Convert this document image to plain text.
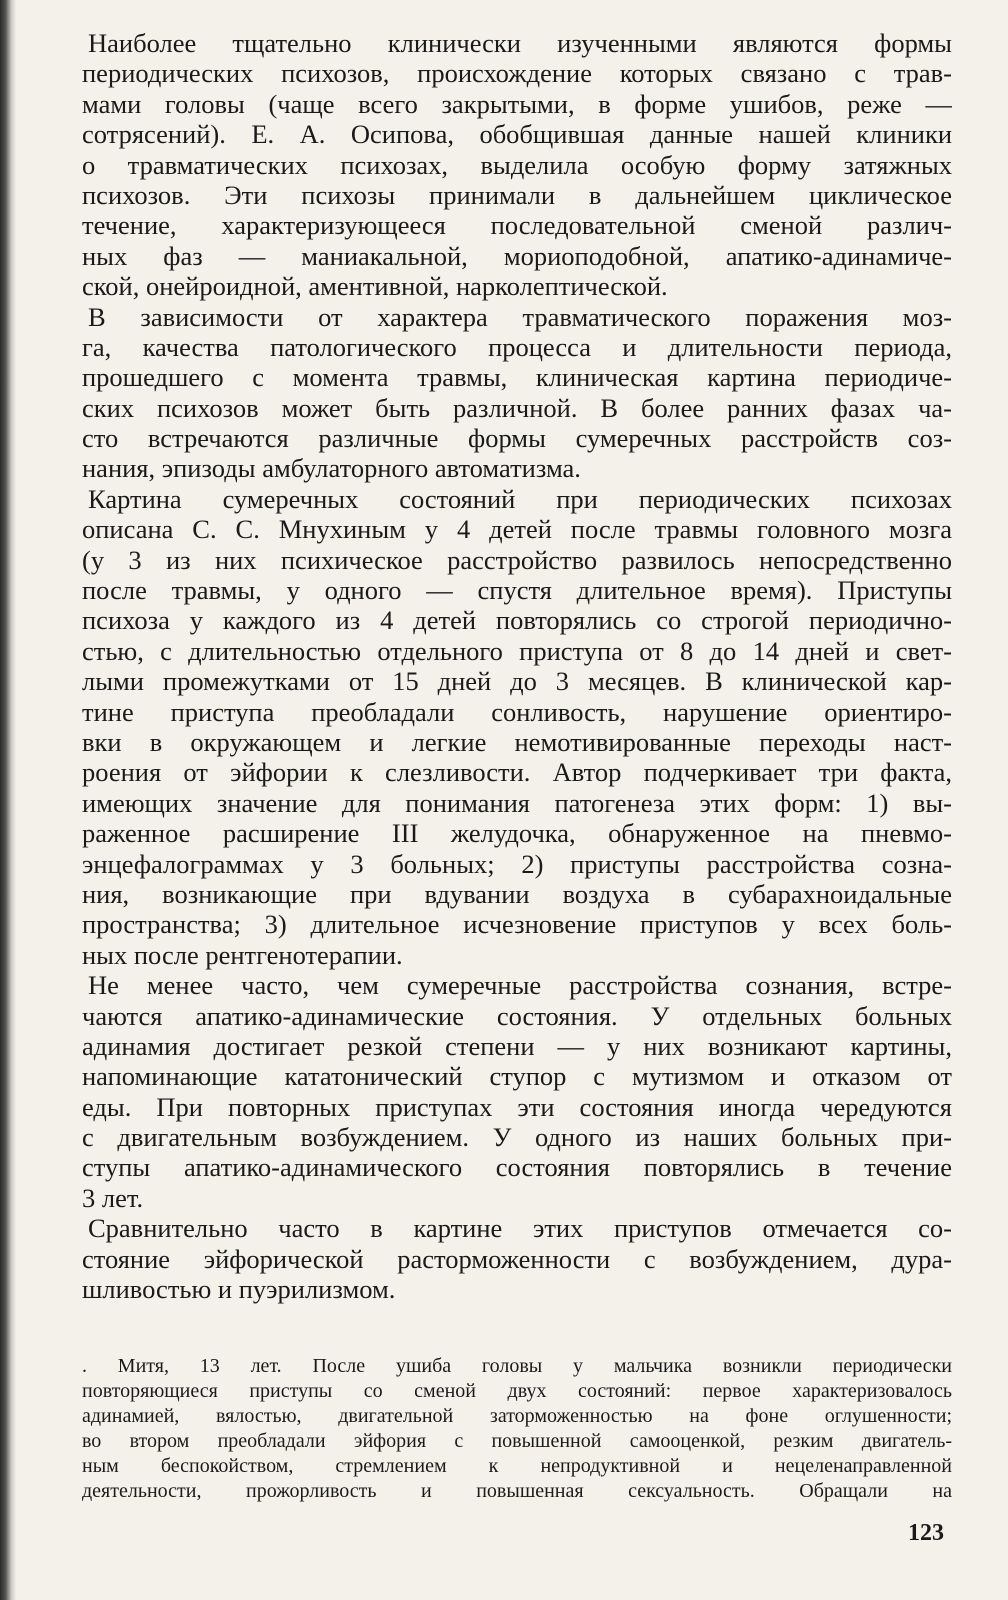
Наиболее тщательно клинически изученными являются формы
периодических психозов, происхождение которых связано с трав-
мами головы (чаще всего закрытыми, в форме ушибов, реже —
сотрясений). Е. А. Осипова, обобщившая данные нашей клиники
о травматических психозах, выделила особую форму затяжных
психозов. Эти психозы принимали в дальнейшем циклическое
течение, характеризующееся последовательной сменой различ-
ных фаз — маниакальной, мориоподобной, апатико-адинамиче-
ской, онейроидной, аментивной, нарколептической.
В зависимости от характера травматического поражения моз-
га, качества патологического процесса и длительности периода,
прошедшего с момента травмы, клиническая картина периодиче-
ских психозов может быть различной. В более ранних фазах ча-
сто встречаются различные формы сумеречных расстройств соз-
нания, эпизоды амбулаторного автоматизма.
Картина сумеречных состояний при периодических психозах
описана С. С. Мнухиным у 4 детей после травмы головного мозга
(у 3 из них психическое расстройство развилось непосредственно
после травмы, у одного — спустя длительное время). Приступы
психоза у каждого из 4 детей повторялись со строгой периодично-
стью, с длительностью отдельного приступа от 8 до 14 дней и свет-
лыми промежутками от 15 дней до 3 месяцев. В клинической кар-
тине приступа преобладали сонливость, нарушение ориентиро-
вки в окружающем и легкие немотивированные переходы наст-
роения от эйфории к слезливости. Автор подчеркивает три факта,
имеющих значение для понимания патогенеза этих форм: 1) вы-
раженное расширение III желудочка, обнаруженное на пневмо-
энцефалограммах у 3 больных; 2) приступы расстройства созна-
ния, возникающие при вдувании воздуха в субарахноидальные
пространства; 3) длительное исчезновение приступов у всех боль-
ных после рентгенотерапии.
Не менее часто, чем сумеречные расстройства сознания, встре-
чаются апатико-адинамические состояния. У отдельных больных
адинамия достигает резкой степени — у них возникают картины,
напоминающие кататонический ступор с мутизмом и отказом от
еды. При повторных приступах эти состояния иногда чередуются
с двигательным возбуждением. У одного из наших больных при-
ступы апатико-адинамического состояния повторялись в течение
3 лет.
Сравнительно часто в картине этих приступов отмечается со-
стояние эйфорической расторможенности с возбуждением, дура-
шливостью и пуэрилизмом.
. Митя, 13 лет. После ушиба головы у мальчика возникли периодически
повторяющиеся приступы со сменой двух состояний: первое характеризовалось
адинамией, вялостью, двигательной заторможенностью на фоне оглушенности;
во втором преобладали эйфория с повышенной самооценкой, резким двигатель-
ным беспокойством, стремлением к непродуктивной и нецеленаправленной
деятельности, прожорливость и повышенная сексуальность. Обращали на
123
